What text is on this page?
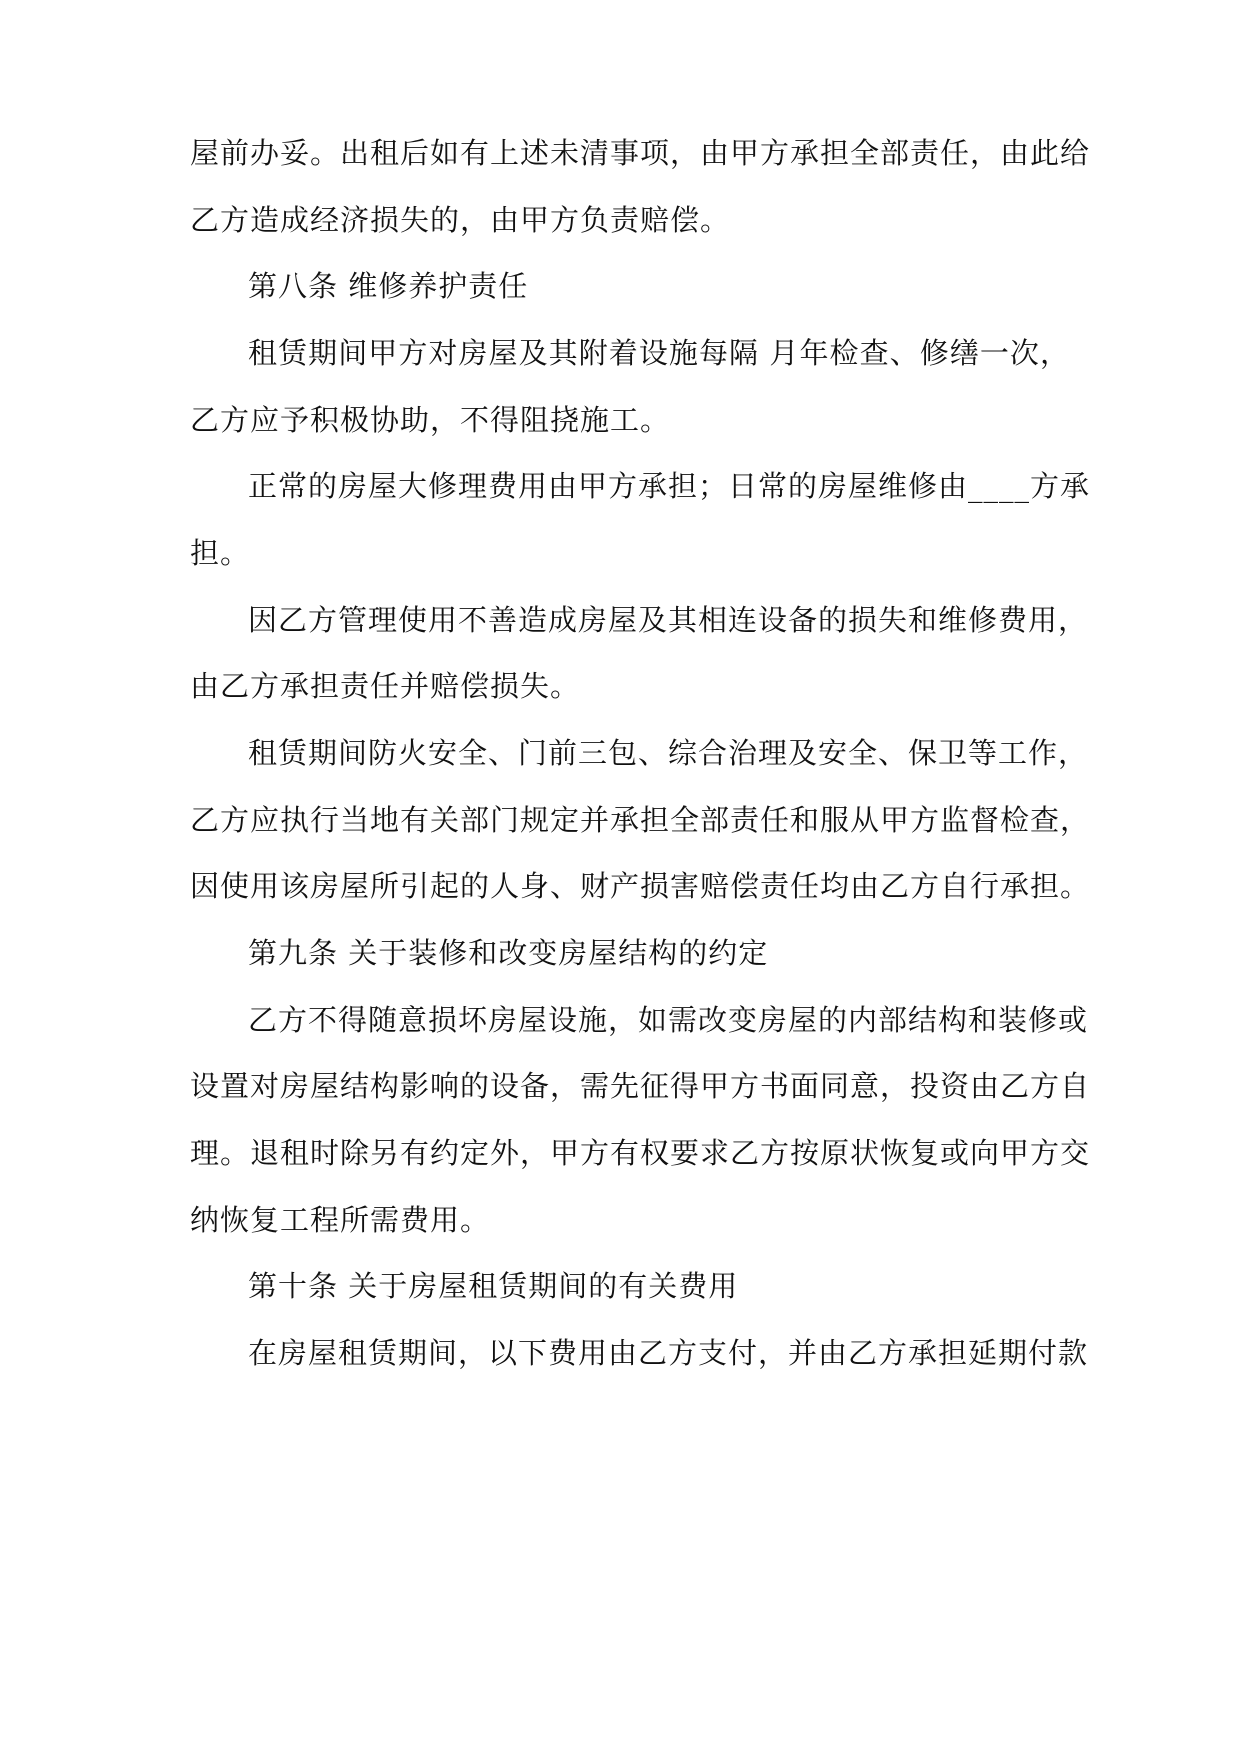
屋前办妥。出租后如有上述未清事项，由甲方承担全部责任，由此给
乙方造成经济损失的，由甲方负责赔偿。
第八条 维修养护责任
租赁期间甲方对房屋及其附着设施每隔 月年检查、修缮一次，
乙方应予积极协助，不得阻挠施工。
正常的房屋大修理费用由甲方承担；日常的房屋维修由____方承
担。
因乙方管理使用不善造成房屋及其相连设备的损失和维修费用，
由乙方承担责任并赔偿损失。
租赁期间防火安全、门前三包、综合治理及安全、保卫等工作，
乙方应执行当地有关部门规定并承担全部责任和服从甲方监督检查，
因使用该房屋所引起的人身、财产损害赔偿责任均由乙方自行承担。
第九条 关于装修和改变房屋结构的约定
乙方不得随意损坏房屋设施，如需改变房屋的内部结构和装修或
设置对房屋结构影响的设备，需先征得甲方书面同意，投资由乙方自
理。退租时除另有约定外，甲方有权要求乙方按原状恢复或向甲方交
纳恢复工程所需费用。
第十条 关于房屋租赁期间的有关费用
在房屋租赁期间，以下费用由乙方支付，并由乙方承担延期付款
